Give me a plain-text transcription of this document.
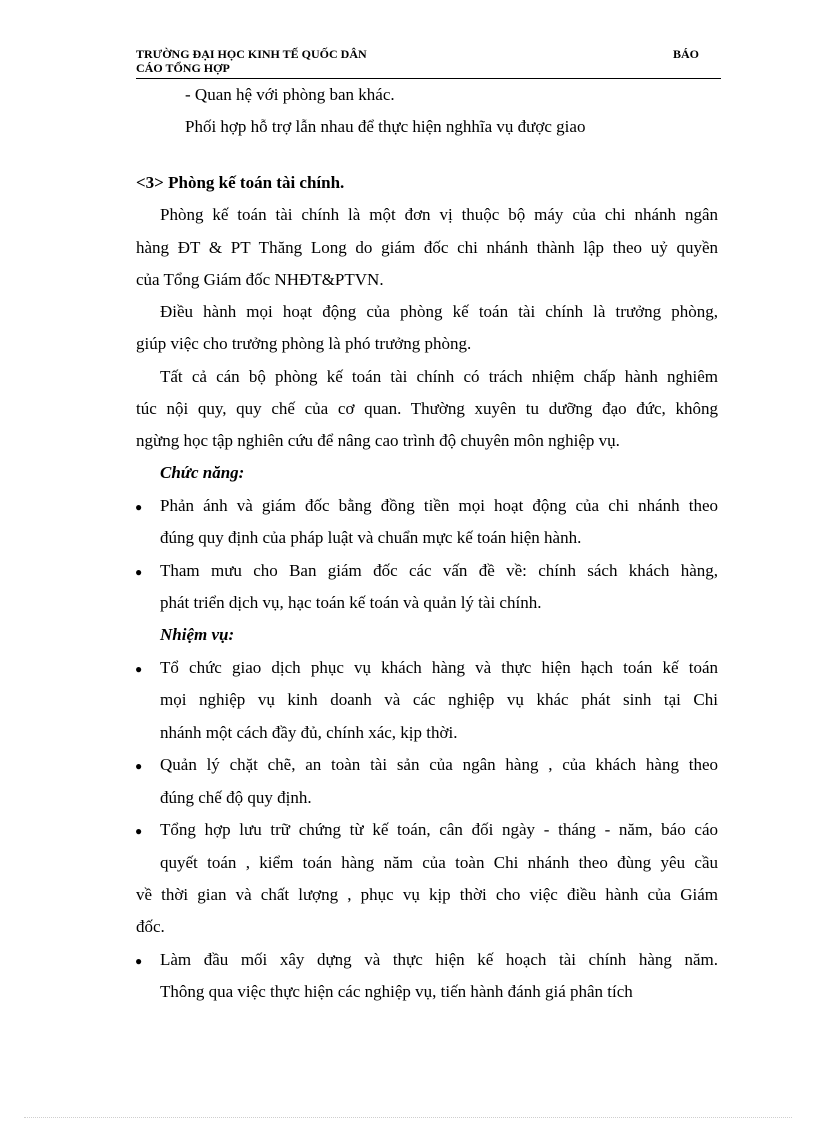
TRƯỜNG ĐẠI HỌC KINH TẾ QUỐC DÂN	BÁO
CÁO TỔNG HỢP
- Quan hệ với phòng ban khác.
Phối hợp hỗ trợ lẫn nhau để thực hiện nghhĩa vụ được giao
<3> Phòng kế toán tài chính.
Phòng kế toán tài chính là một đơn vị thuộc bộ máy của chi nhánh ngân
hàng ĐT & PT Thăng Long do giám đốc chi nhánh thành lập theo uỷ quyền
của Tổng Giám đốc NHĐT&PTVN.
Điều hành mọi hoạt động của phòng kế toán tài chính là trưởng phòng,
giúp việc cho trưởng phòng là phó trưởng phòng.
Tất cả cán bộ phòng kế toán tài chính có trách nhiệm chấp hành nghiêm
túc nội quy, quy chế của cơ quan. Thường xuyên tu dưỡng đạo đức, không
ngừng học tập nghiên cứu để nâng cao trình độ chuyên môn nghiệp vụ.
Chức năng:
● Phản ánh và giám đốc bằng đồng tiền mọi hoạt động của chi nhánh theo
đúng quy định của pháp luật và chuẩn mực kế toán hiện hành.
● Tham mưu cho Ban giám đốc các vấn đề về: chính sách khách hàng,
phát triển dịch vụ, hạc toán kế toán và quản lý tài chính.
Nhiệm vụ:
● Tổ chức giao dịch phục vụ khách hàng và thực hiện hạch toán kế toán
mọi nghiệp vụ kinh doanh và các nghiệp vụ khác phát sinh tại Chi
nhánh một cách đầy đủ, chính xác, kịp thời.
● Quản lý chặt chẽ, an toàn tài sản của ngân hàng , của khách hàng theo
đúng chế độ quy định.
● Tổng hợp lưu trữ chứng từ kế toán, cân đối ngày - tháng - năm, báo cáo
quyết toán , kiểm toán hàng năm của toàn Chi nhánh theo đùng yêu cầu
về thời gian và chất lượng , phục vụ kịp thời cho việc điều hành của Giám
đốc.
● Làm đầu mối xây dựng và thực hiện kế hoạch tài chính hàng năm.
Thông qua việc thực hiện các nghiệp vụ, tiến hành đánh giá phân tích
